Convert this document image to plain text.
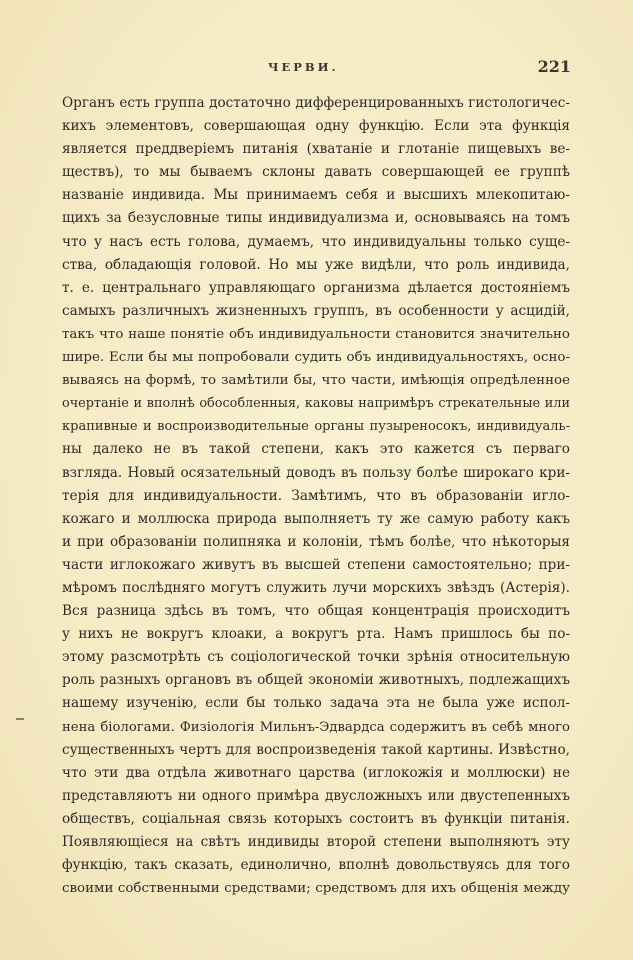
ЧЕРВИ.	221
Органъ есть группа достаточно дифференцированныхъ гистологичес-
кихъ элементовъ, совершающая одну функцію. Если эта функція
является преддверіемъ питанія (хватаніе и глотаніе пищевыхъ ве-
ществъ), то мы бываемъ склоны давать совершающей ее группѣ
названіе индивида. Мы принимаемъ себя и высшихъ млекопитаю-
щихъ за безусловные типы индивидуализма и, основываясь на томъ
что у насъ есть голова, думаемъ, что индивидуальны только суще-
ства, обладающія головой. Но мы уже видѣли, что роль индивида,
т. е. центральнаго управляющаго организма дѣлается достояніемъ
самыхъ различныхъ жизненныхъ группъ, въ особенности у асцидій,
такъ что наше понятіе объ индивидуальности становится значительно
шире. Если бы мы попробовали судить объ индивидуальностяхъ, осно-
вываясь на формѣ, то замѣтили бы, что части, имѣющія опредѣленное
очертаніе и вполнѣ обособленныя, каковы напримѣръ стрекательные или
крапивные и воспроизводительные органы пузыреносокъ, индивидуаль-
ны далеко не въ такой степени, какъ это кажется съ перваго
взгляда. Новый осязательный доводъ въ пользу болѣе широкаго кри-
терія для индивидуальности. Замѣтимъ, что въ образованіи игло-
кожаго и моллюска природа выполняетъ ту же самую работу какъ
и при образованіи полипняка и колоніи, тѣмъ болѣе, что нѣкоторыя
части иглокожаго живутъ въ высшей степени самостоятельно; при-
мѣромъ послѣдняго могутъ служить лучи морскихъ звѣздъ (Астерія).
Вся разница здѣсь въ томъ, что общая концентрація происходитъ
у нихъ не вокругъ клоаки, а вокругъ рта. Намъ пришлось бы по-
этому разсмотрѣть съ соціологической точки зрѣнія относительную
роль разныхъ органовъ въ общей экономіи животныхъ, подлежащихъ
нашему изученію, если бы только задача эта не была уже испол-
нена біологами. Физіологія Мильнъ-Эдвардса содержитъ въ себѣ много
существенныхъ чертъ для воспроизведенія такой картины. Извѣстно,
что эти два отдѣла животнаго царства (иглокожія и моллюски) не
представляютъ ни одного примѣра двусложныхъ или двустепенныхъ
обществъ, соціальная связь которыхъ состоитъ въ функціи питанія.
Появляющіеся на свѣтъ индивиды второй степени выполняютъ эту
функцію, такъ сказать, единолично, вполнѣ довольствуясь для того
своими собственными средствами; средствомъ для ихъ общенія между
